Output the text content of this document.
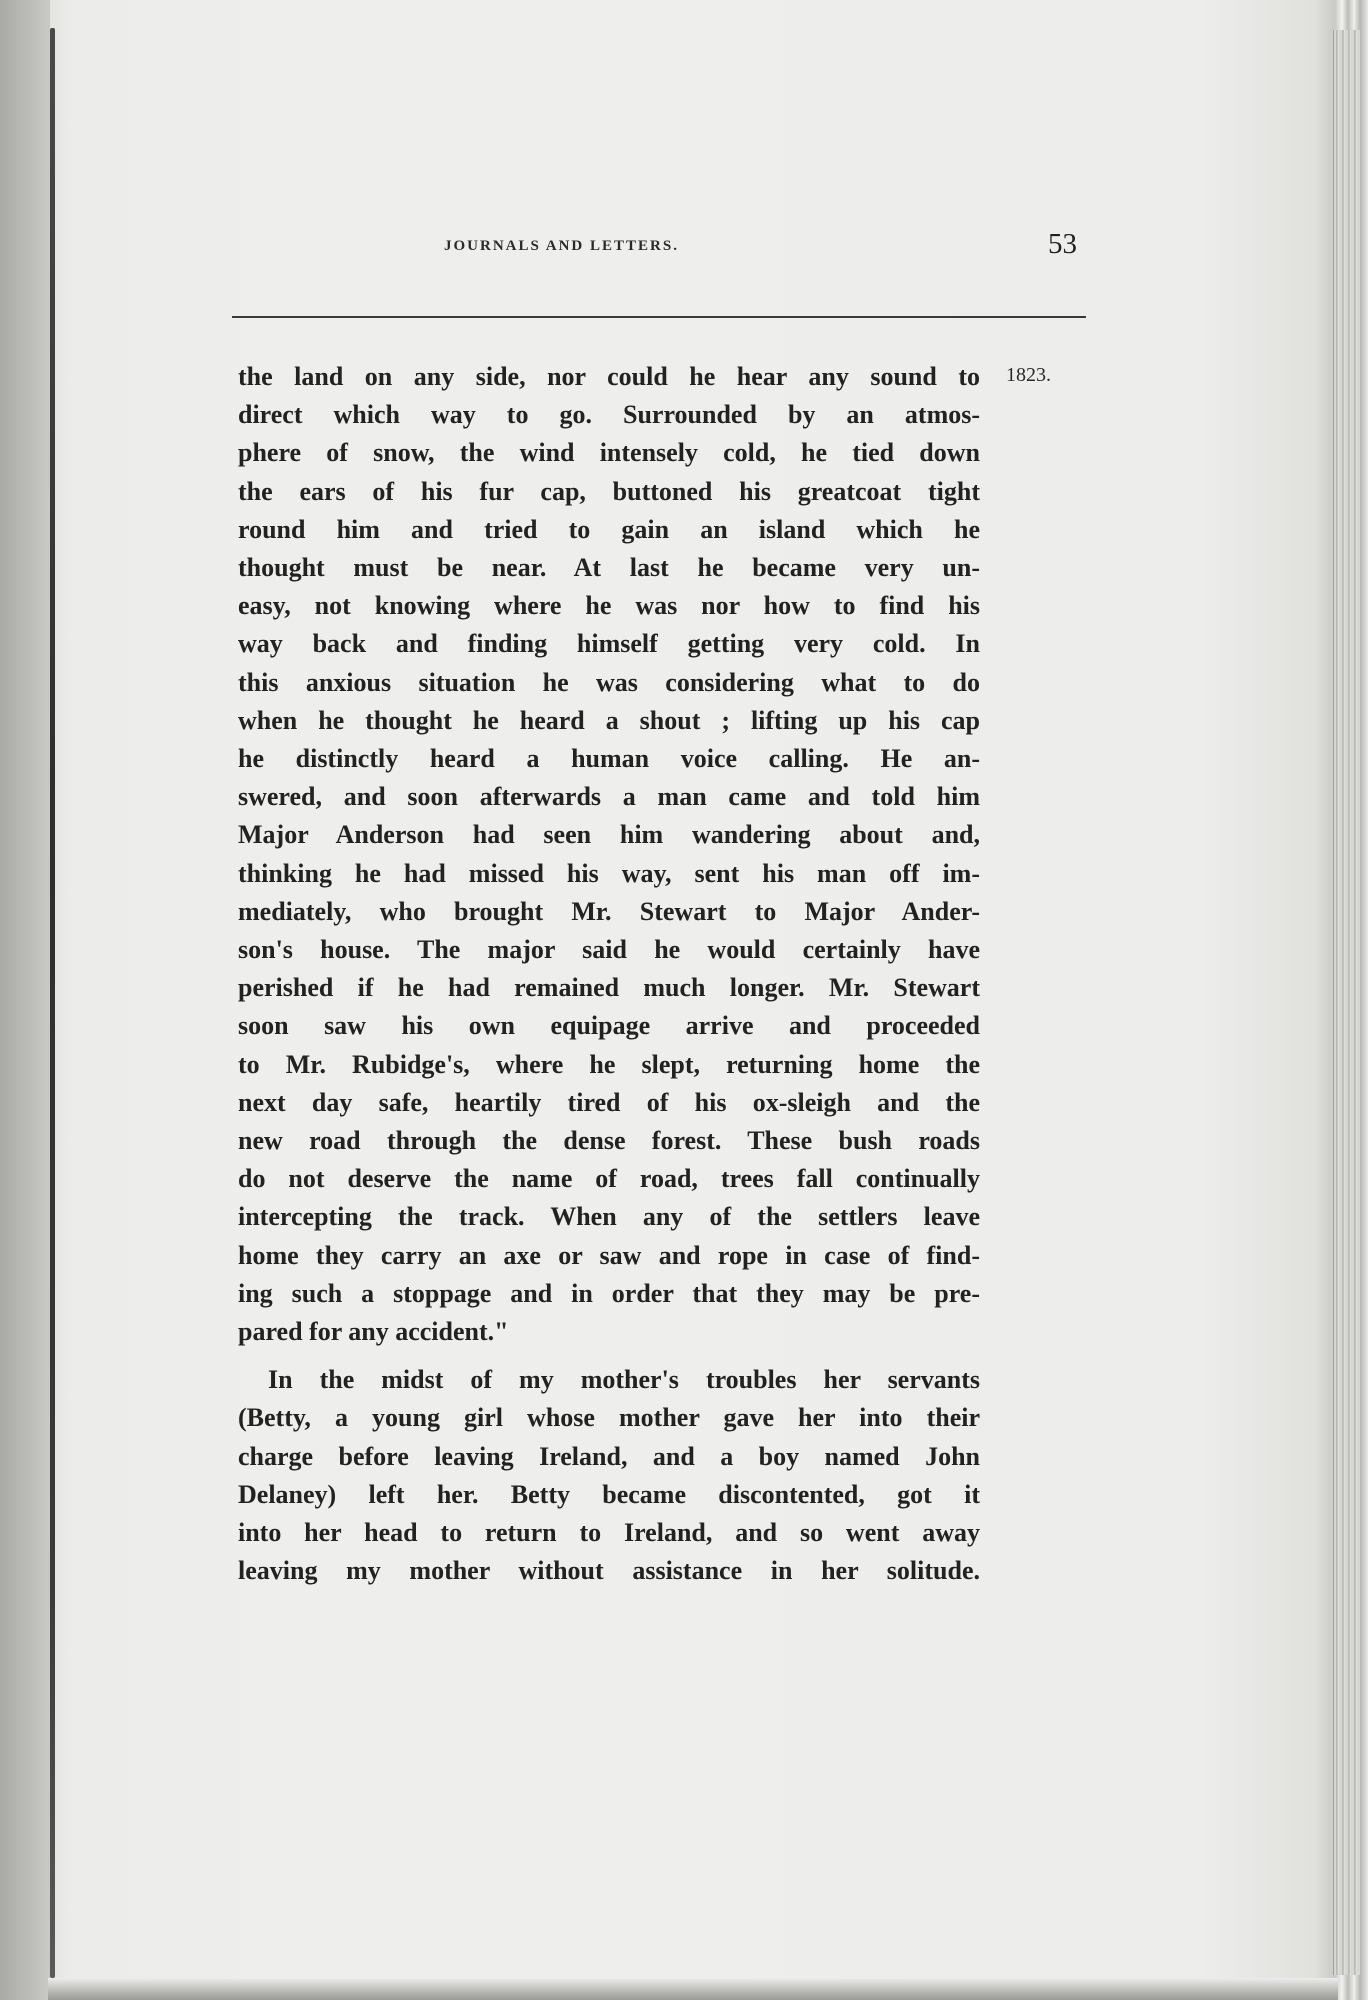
JOURNALS AND LETTERS.	53
1823.
the land on any side, nor could he hear any sound to
direct which way to go. Surrounded by an atmos-
phere of snow, the wind intensely cold, he tied down
the ears of his fur cap, buttoned his greatcoat tight
round him and tried to gain an island which he
thought must be near. At last he became very un-
easy, not knowing where he was nor how to find his
way back and finding himself getting very cold. In
this anxious situation he was considering what to do
when he thought he heard a shout ; lifting up his cap
he distinctly heard a human voice calling. He an-
swered, and soon afterwards a man came and told him
Major Anderson had seen him wandering about and,
thinking he had missed his way, sent his man off im-
mediately, who brought Mr. Stewart to Major Ander-
son's house. The major said he would certainly have
perished if he had remained much longer. Mr. Stewart
soon saw his own equipage arrive and proceeded
to Mr. Rubidge's, where he slept, returning home the
next day safe, heartily tired of his ox-sleigh and the
new road through the dense forest. These bush roads
do not deserve the name of road, trees fall continually
intercepting the track. When any of the settlers leave
home they carry an axe or saw and rope in case of find-
ing such a stoppage and in order that they may be pre-
pared for any accident."
In the midst of my mother's troubles her servants
(Betty, a young girl whose mother gave her into their
charge before leaving Ireland, and a boy named John
Delaney) left her. Betty became discontented, got it
into her head to return to Ireland, and so went away
leaving my mother without assistance in her solitude.
